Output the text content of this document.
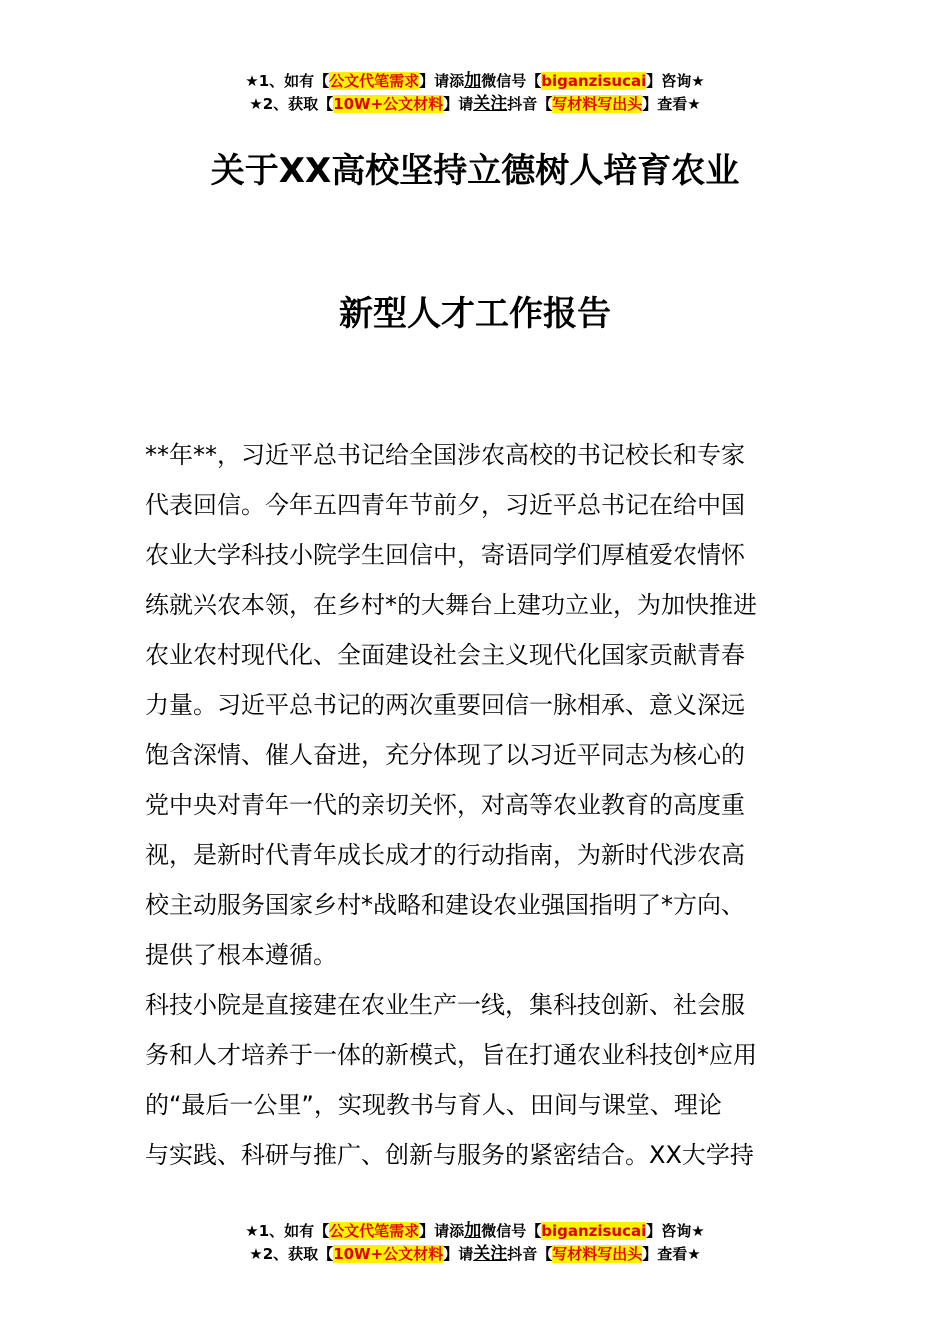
★1、如有【公文代笔需求】请添加微信号【biganzisucai】咨询★
★2、获取【10W+公文材料】请关注抖音【写材料写出头】查看★
关于XX高校坚持立德树人培育农业
新型人才工作报告
**年**，习近平总书记给全国涉农高校的书记校长和专家
代表回信。今年五四青年节前夕，习近平总书记在给中国
农业大学科技小院学生回信中，寄语同学们厚植爱农情怀
练就兴农本领，在乡村*的大舞台上建功立业，为加快推进
农业农村现代化、全面建设社会主义现代化国家贡献青春
力量。习近平总书记的两次重要回信一脉相承、意义深远
饱含深情、催人奋进，充分体现了以习近平同志为核心的
党中央对青年一代的亲切关怀，对高等农业教育的高度重
视，是新时代青年成长成才的行动指南，为新时代涉农高
校主动服务国家乡村*战略和建设农业强国指明了*方向、
提供了根本遵循。
科技小院是直接建在农业生产一线，集科技创新、社会服
务和人才培养于一体的新模式，旨在打通农业科技创*应用
的“最后一公里”，实现教书与育人、田间与课堂、理论
与实践、科研与推广、创新与服务的紧密结合。XX大学持
★1、如有【公文代笔需求】请添加微信号【biganzisucai】咨询★
★2、获取【10W+公文材料】请关注抖音【写材料写出头】查看★
